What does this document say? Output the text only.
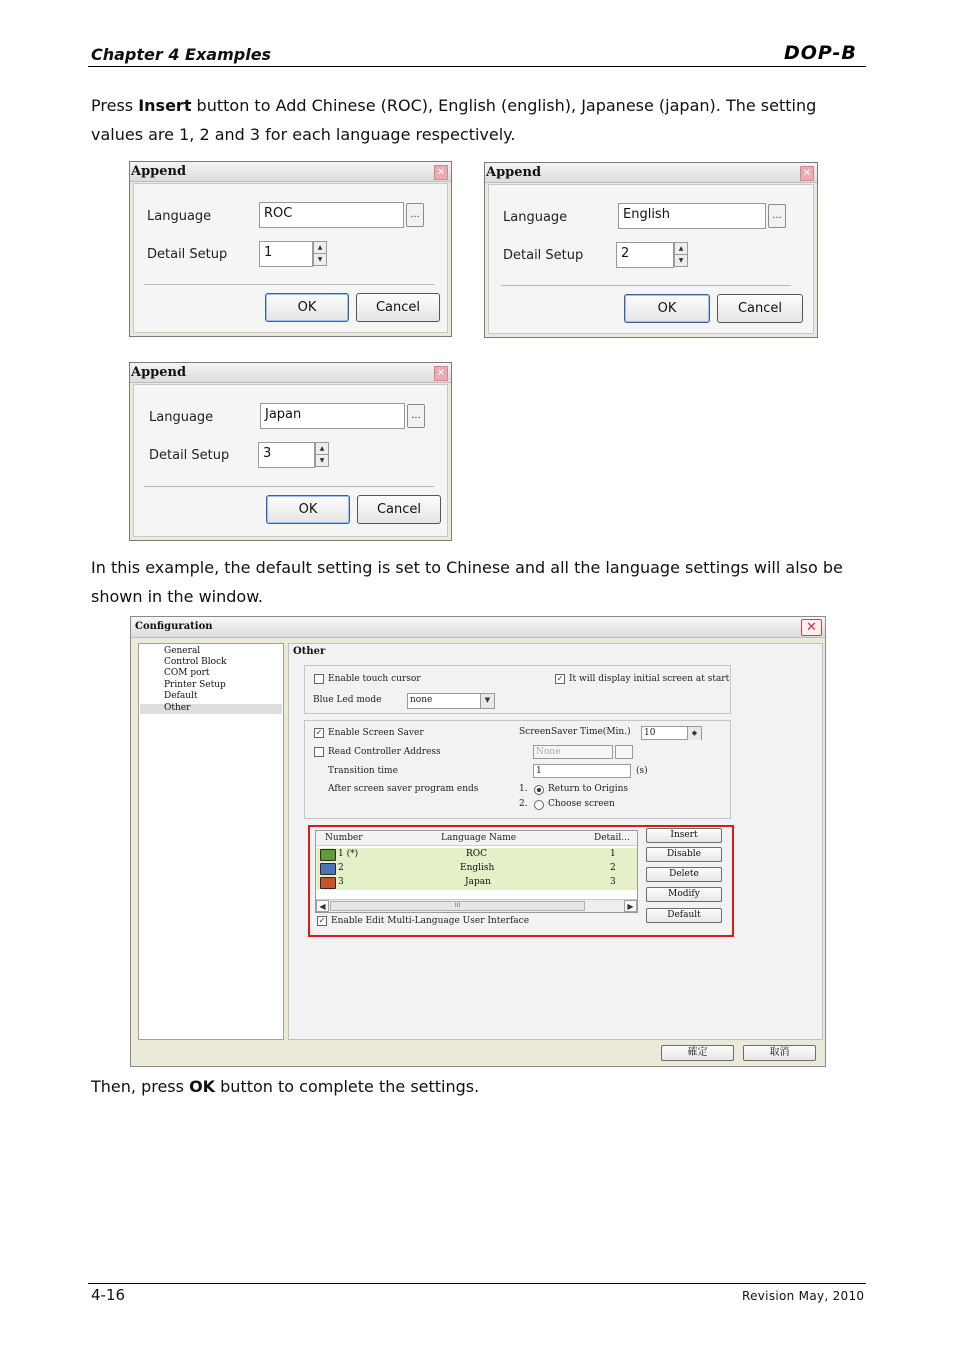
Chapter 4 Examples	DOP-B
Press Insert button to Add Chinese (ROC), English (english), Japanese (japan). The setting values are 1, 2 and 3 for each language respectively.
Append	✕
Language	ROC	...
Detail Setup	1	▲
▼
OK	Cancel
Append	✕
Language	English	...
Detail Setup	2	▲
▼
OK	Cancel
Append	✕
Language	Japan	...
Detail Setup	3	▲
▼
OK	Cancel
In this example, the default setting is set to Chinese and all the language settings will also be shown in the window.
Configuration	✕
General
Control Block
COM port
Printer Setup
Default
Other
Other
Enable touch cursor	✓ It will display initial screen at start
Blue Led mode	none	▼
✓ Enable Screen Saver	ScreenSaver Time(Min.)	10	◆
Read Controller Address	None
Transition time	1	(s)
After screen saver program ends	1. Return to Origins
2. Choose screen
Number	Language Name	Detail...
1 (*)	ROC	1
2	English	2
3	Japan	3
◀	III	▶
✓ Enable Edit Multi-Language User Interface
Insert
Disable
Delete
Modify
Default
確定	取消
Then, press OK button to complete the settings.
4-16	Revision May, 2010
